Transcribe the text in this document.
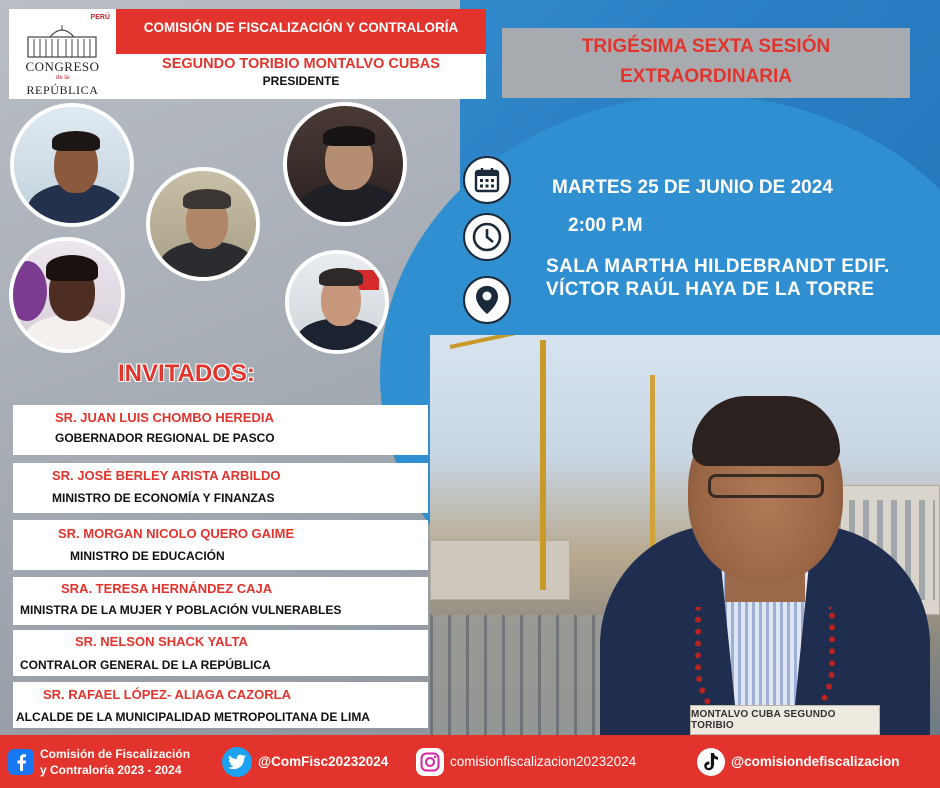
MONTALVO CUBA SEGUNDO TORIBIO
PERÚ
CONGRESO
de la
REPÚBLICA
COMISIÓN DE FISCALIZACIÓN Y CONTRALORÍA
SEGUNDO TORIBIO MONTALVO CUBAS
PRESIDENTE
TRIGÉSIMA SEXTA SESIÓN
EXTRAORDINARIA
MARTES 25 DE JUNIO DE 2024
2:00 P.M
SALA MARTHA HILDEBRANDT EDIF. VÍCTOR RAÚL HAYA DE LA TORRE
INVITADOS:
SR. JUAN LUIS CHOMBO HEREDIA
GOBERNADOR REGIONAL DE PASCO
SR. JOSÉ BERLEY ARISTA ARBILDO
MINISTRO DE ECONOMÍA Y FINANZAS
SR. MORGAN NICOLO QUERO GAIME
MINISTRO DE EDUCACIÓN
SRA. TERESA HERNÁNDEZ CAJA
MINISTRA DE LA MUJER Y POBLACIÓN VULNERABLES
SR. NELSON SHACK YALTA
CONTRALOR GENERAL DE LA REPÚBLICA
SR. RAFAEL LÓPEZ- ALIAGA CAZORLA
ALCALDE DE LA MUNICIPALIDAD METROPOLITANA DE LIMA
Comisión de Fiscalización
y Contraloría 2023 - 2024
@ComFisc20232024	comisionfiscalizacion20232024	@comisiondefiscalizacion
